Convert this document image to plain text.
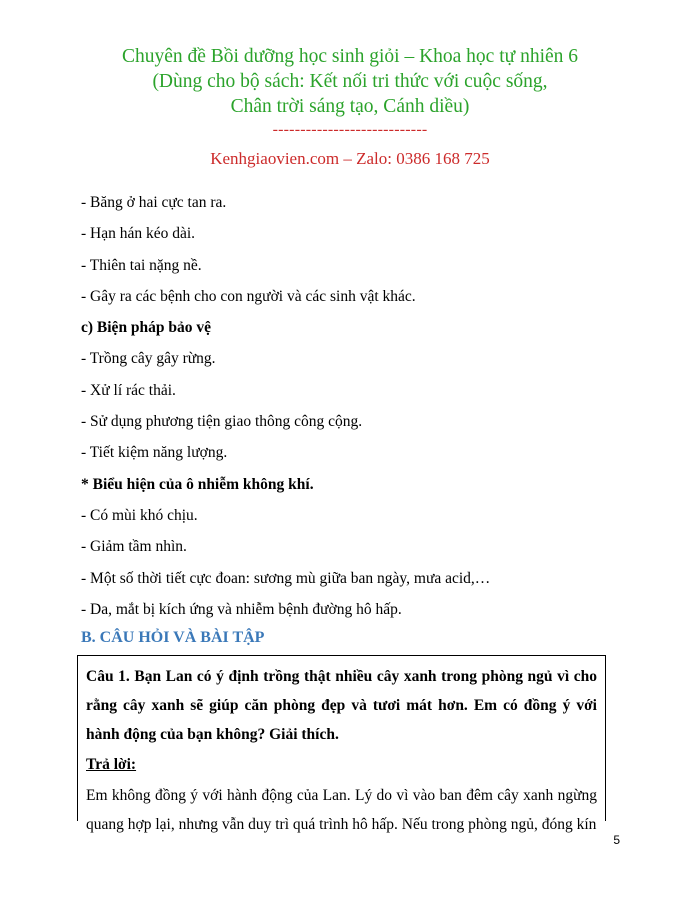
Chuyên đề Bồi dưỡng học sinh giỏi – Khoa học tự nhiên 6
(Dùng cho bộ sách: Kết nối tri thức với cuộc sống,
Chân trời sáng tạo, Cánh diều)
----------------------------
Kenhgiaovien.com – Zalo: 0386 168 725
- Băng ở hai cực tan ra.
- Hạn hán kéo dài.
- Thiên tai nặng nề.
- Gây ra các bệnh cho con người và các sinh vật khác.
c) Biện pháp bảo vệ
- Trồng cây gây rừng.
- Xử lí rác thải.
- Sử dụng phương tiện giao thông công cộng.
- Tiết kiệm năng lượng.
* Biểu hiện của ô nhiễm không khí.
- Có mùi khó chịu.
- Giảm tầm nhìn.
- Một số thời tiết cực đoan: sương mù giữa ban ngày, mưa acid,…
- Da, mắt bị kích ứng và nhiễm bệnh đường hô hấp.
B. CÂU HỎI VÀ BÀI TẬP
Câu 1. Bạn Lan có ý định trồng thật nhiều cây xanh trong phòng ngủ vì cho rằng cây xanh sẽ giúp căn phòng đẹp và tươi mát hơn. Em có đồng ý với hành động của bạn không? Giải thích.
Trả lời:
Em không đồng ý với hành động của Lan. Lý do vì vào ban đêm cây xanh ngừng quang hợp lại, nhưng vẫn duy trì quá trình hô hấp. Nếu trong phòng ngủ, đóng kín
5
